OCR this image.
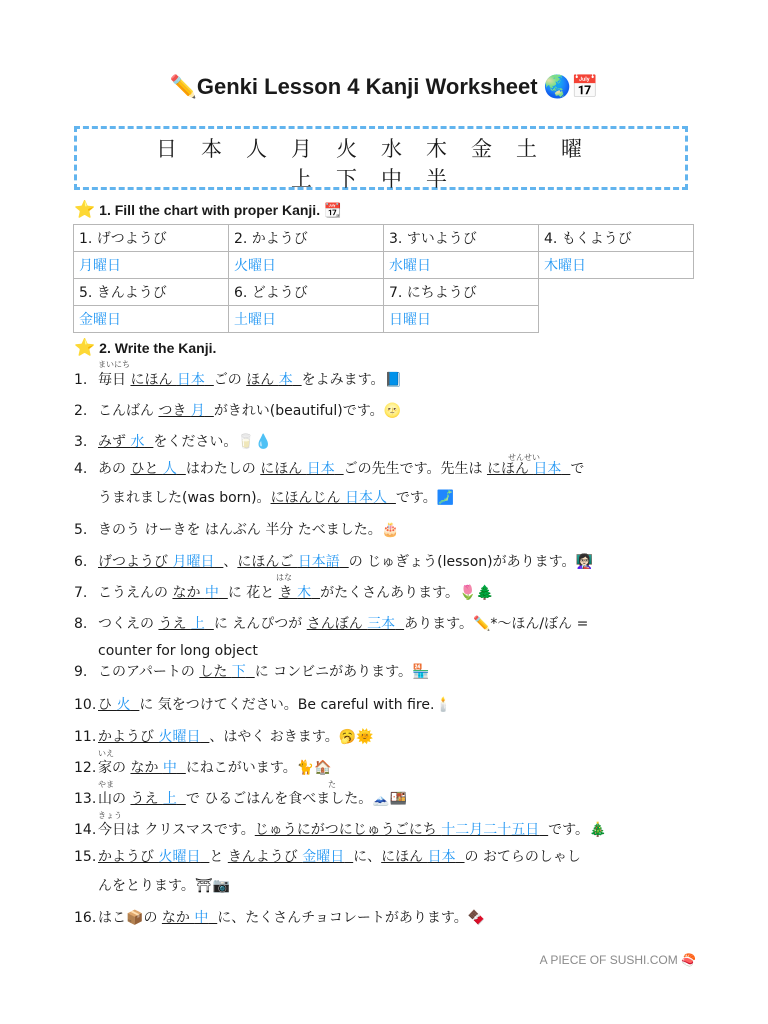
✏️Genki Lesson 4 Kanji Worksheet 🌏📅
日本人月火水木金土曜
上下中半
⭐ 1. Fill the chart with proper Kanji. 📆
1. げつようび	2. かようび	3. すいようび	4. もくようび
月曜日	火曜日	水曜日	木曜日
5. きんようび	6. どようび	7. にちようび	
金曜日	土曜日	日曜日	
⭐ 2. Write the Kanji.
まいにち
せんせい
はな
た
いえ
やま
きょう
1. 毎日 にほん 日本 ごの ほん 本 をよみます。📘
2. こんばん つき 月 がきれい(beautiful)です。🌝
3. みず 水 をください。🥛💧
4. あの ひと 人 はわたしの にほん 日本 ごの先生です。先生は にほん 日本 で
うまれました(was born)。にほんじん 日本人 です。🗾
5. きのう けーきを はんぶん 半分 たべました。🎂
6. げつようび 月曜日 、にほんご 日本語 の じゅぎょう(lesson)があります。👩🏻‍🏫
7. こうえんの なか 中 に 花と き 木 がたくさんあります。🌷🌲
8. つくえの うえ 上 に えんぴつが さんぼん 三本 あります。✏️*〜ほん/ぼん =
counter for long object
9. このアパートの した 下 に コンビニがあります。🏪
10. ひ 火 に 気をつけてください。Be careful with fire.🕯️
11. かようび 火曜日 、はやく おきます。🥱🌞
12. 家の なか 中 にねこがいます。🐈🏠
13. 山の うえ 上 で ひるごはんを食べました。🗻🍱
14. 今日は クリスマスです。じゅうにがつにじゅうごにち 十二月二十五日 です。🎄
15. かようび 火曜日 と きんようび 金曜日 に、にほん 日本 の おてらのしゃし
んをとります。⛩📷
16. はこ📦の なか 中 に、たくさんチョコレートがあります。🍫
A PIECE OF SUSHI.COM 🍣
